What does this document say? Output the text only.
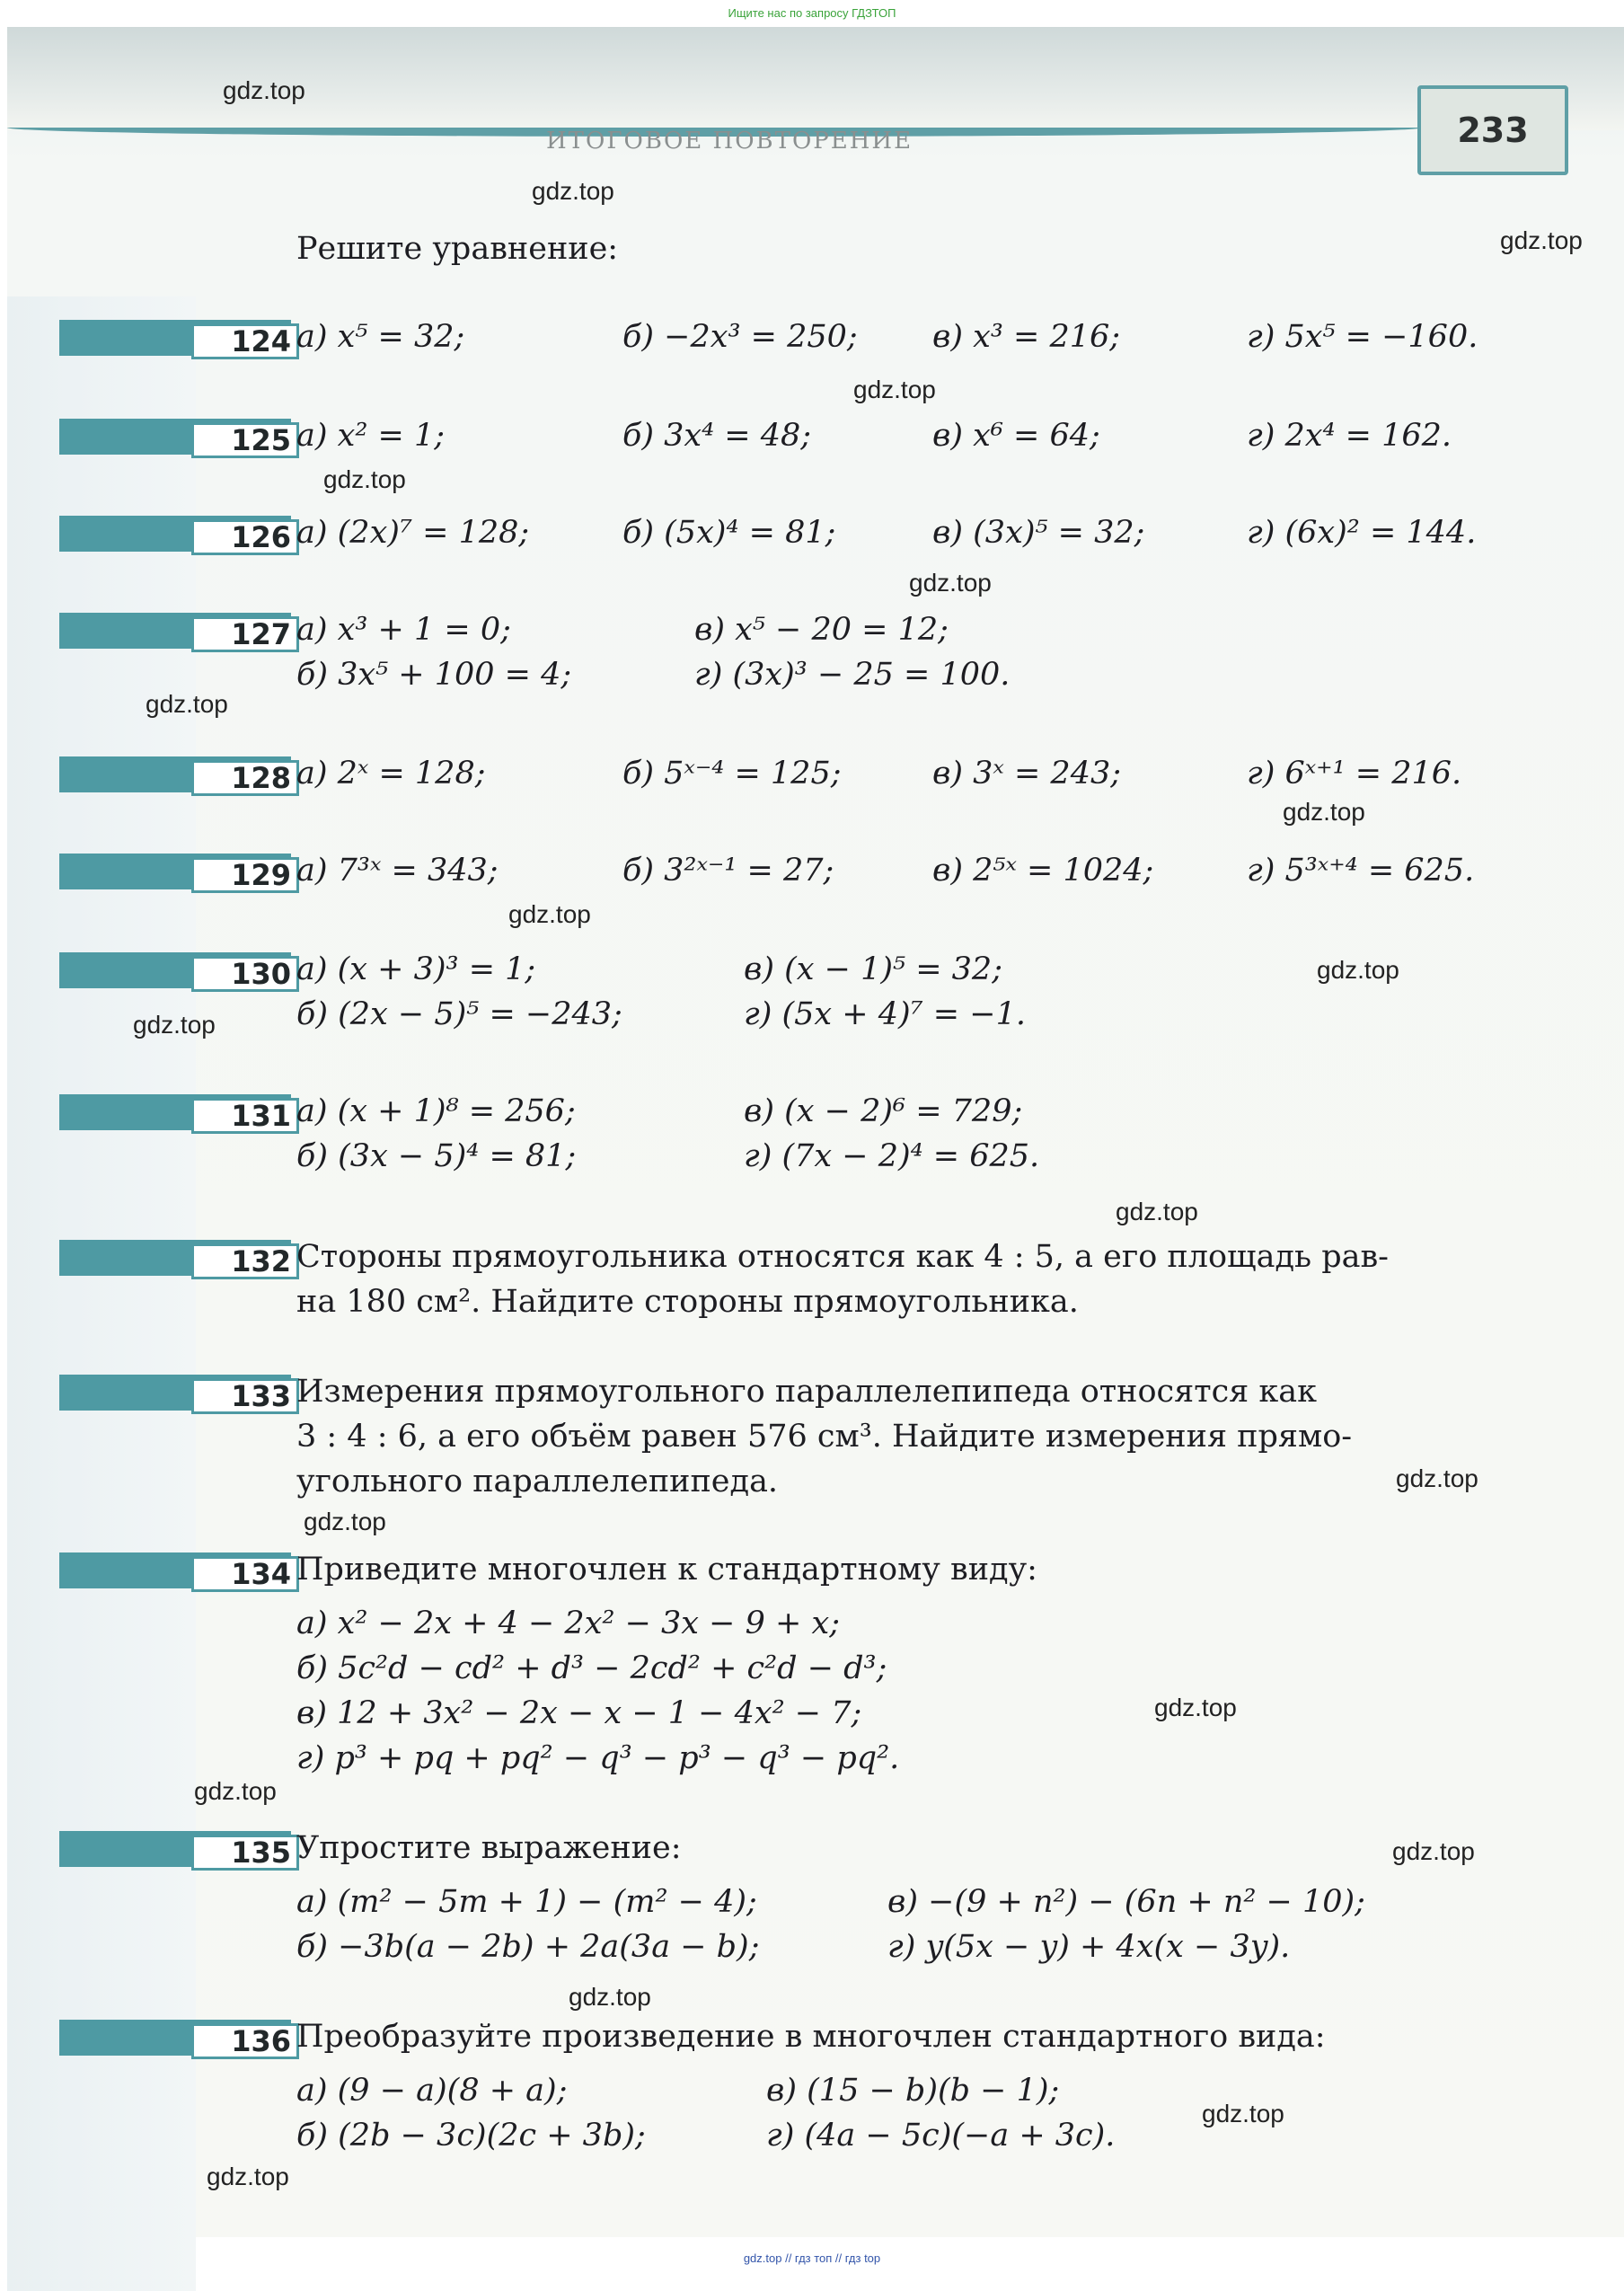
Ищите нас по запросу ГДЗТОП
ИТОГОВОЕ ПОВТОРЕНИЕ	233
Решите уравнение:
124 а) x⁵ = 32;	б) −2x³ = 250; в) x³ = 216;	г) 5x⁵ = −160.
125 а) x² = 1;	б) 3x⁴ = 48;	в) x⁶ = 64;	г) 2x⁴ = 162.
126 а) (2x)⁷ = 128;	б) (5x)⁴ = 81;	в) (3x)⁵ = 32;	г) (6x)² = 144.
127 а) x³ + 1 = 0;	в) x⁵ − 20 = 12;
б) 3x⁵ + 100 = 4;	г) (3x)³ − 25 = 100.
128 а) 2ˣ = 128;	б) 5ˣ⁻⁴ = 125;	в) 3ˣ = 243;	г) 6ˣ⁺¹ = 216.
129 а) 7³ˣ = 343;	б) 3²ˣ⁻¹ = 27;	в) 2⁵ˣ = 1024;	г) 5³ˣ⁺⁴ = 625.
130 а) (x + 3)³ = 1;	в) (x − 1)⁵ = 32;
б) (2x − 5)⁵ = −243;	г) (5x + 4)⁷ = −1.
131 а) (x + 1)⁸ = 256;	в) (x − 2)⁶ = 729;
б) (3x − 5)⁴ = 81;	г) (7x − 2)⁴ = 625.
132 Стороны прямоугольника относятся как 4 : 5, а его площадь рав-
на 180 см². Найдите стороны прямоугольника.
133 Измерения прямоугольного параллелепипеда относятся как
3 : 4 : 6, а его объём равен 576 см³. Найдите измерения прямо-
угольного параллелепипеда.
134 Приведите многочлен к стандартному виду:
а) x² − 2x + 4 − 2x² − 3x − 9 + x;
б) 5c²d − cd² + d³ − 2cd² + c²d − d³;
в) 12 + 3x² − 2x − x − 1 − 4x² − 7;
г) p³ + pq + pq² − q³ − p³ − q³ − pq².
135 Упростите выражение:
а) (m² − 5m + 1) − (m² − 4);	в) −(9 + n²) − (6n + n² − 10);
б) −3b(a − 2b) + 2a(3a − b);	г) y(5x − y) + 4x(x − 3y).
136 Преобразуйте произведение в многочлен стандартного вида:
а) (9 − a)(8 + a);	в) (15 − b)(b − 1);
б) (2b − 3c)(2c + 3b);	г) (4a − 5c)(−a + 3c).
gdz.top
gdz.top
gdz.top
gdz.top
gdz.top
gdz.top
gdz.top
gdz.top
gdz.top
gdz.top
gdz.top
gdz.top
gdz.top
gdz.top
gdz.top
gdz.top
gdz.top
gdz.top
gdz.top
gdz.top
gdz.top // гдз топ // гдз top
